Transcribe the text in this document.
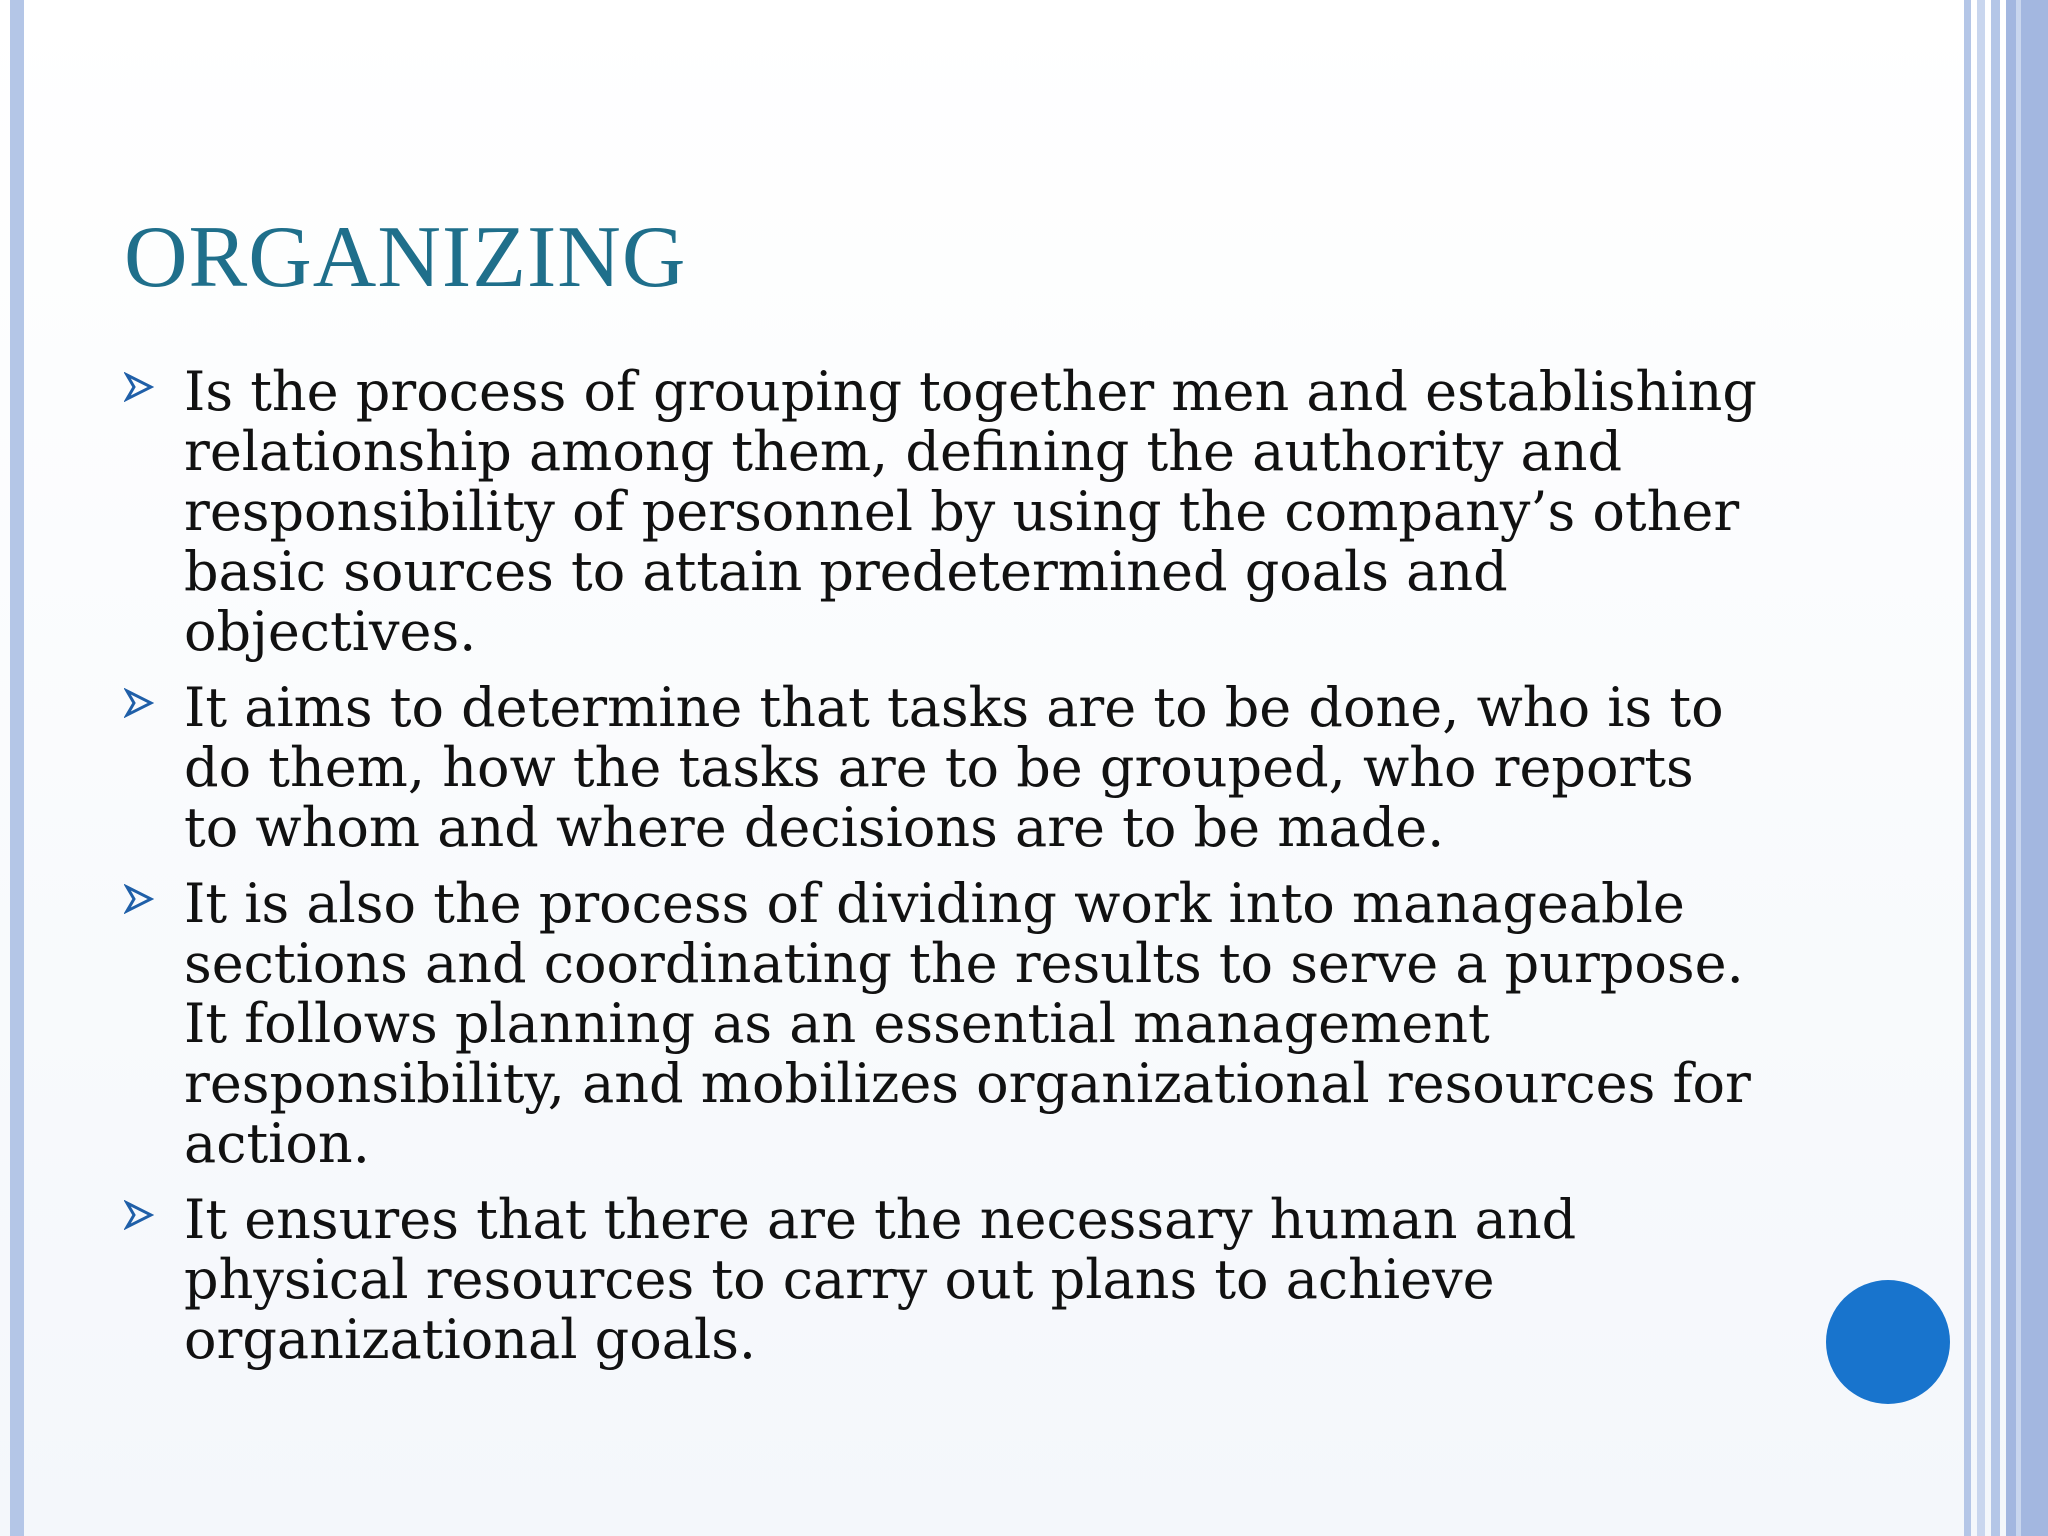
ORGANIZING
Is the process of grouping together men and establishing relationship among them, defining the authority and responsibility of personnel by using the company’s other basic sources to attain predetermined goals and objectives.
It aims to determine that tasks are to be done, who is to do them, how the tasks are to be grouped, who reports to whom and where decisions are to be made.
It is also the process of dividing work into manageable sections and coordinating the results to serve a purpose. It follows planning as an essential management responsibility, and mobilizes organizational resources for action.
It ensures that there are the necessary human and physical resources to carry out plans to achieve organizational goals.
